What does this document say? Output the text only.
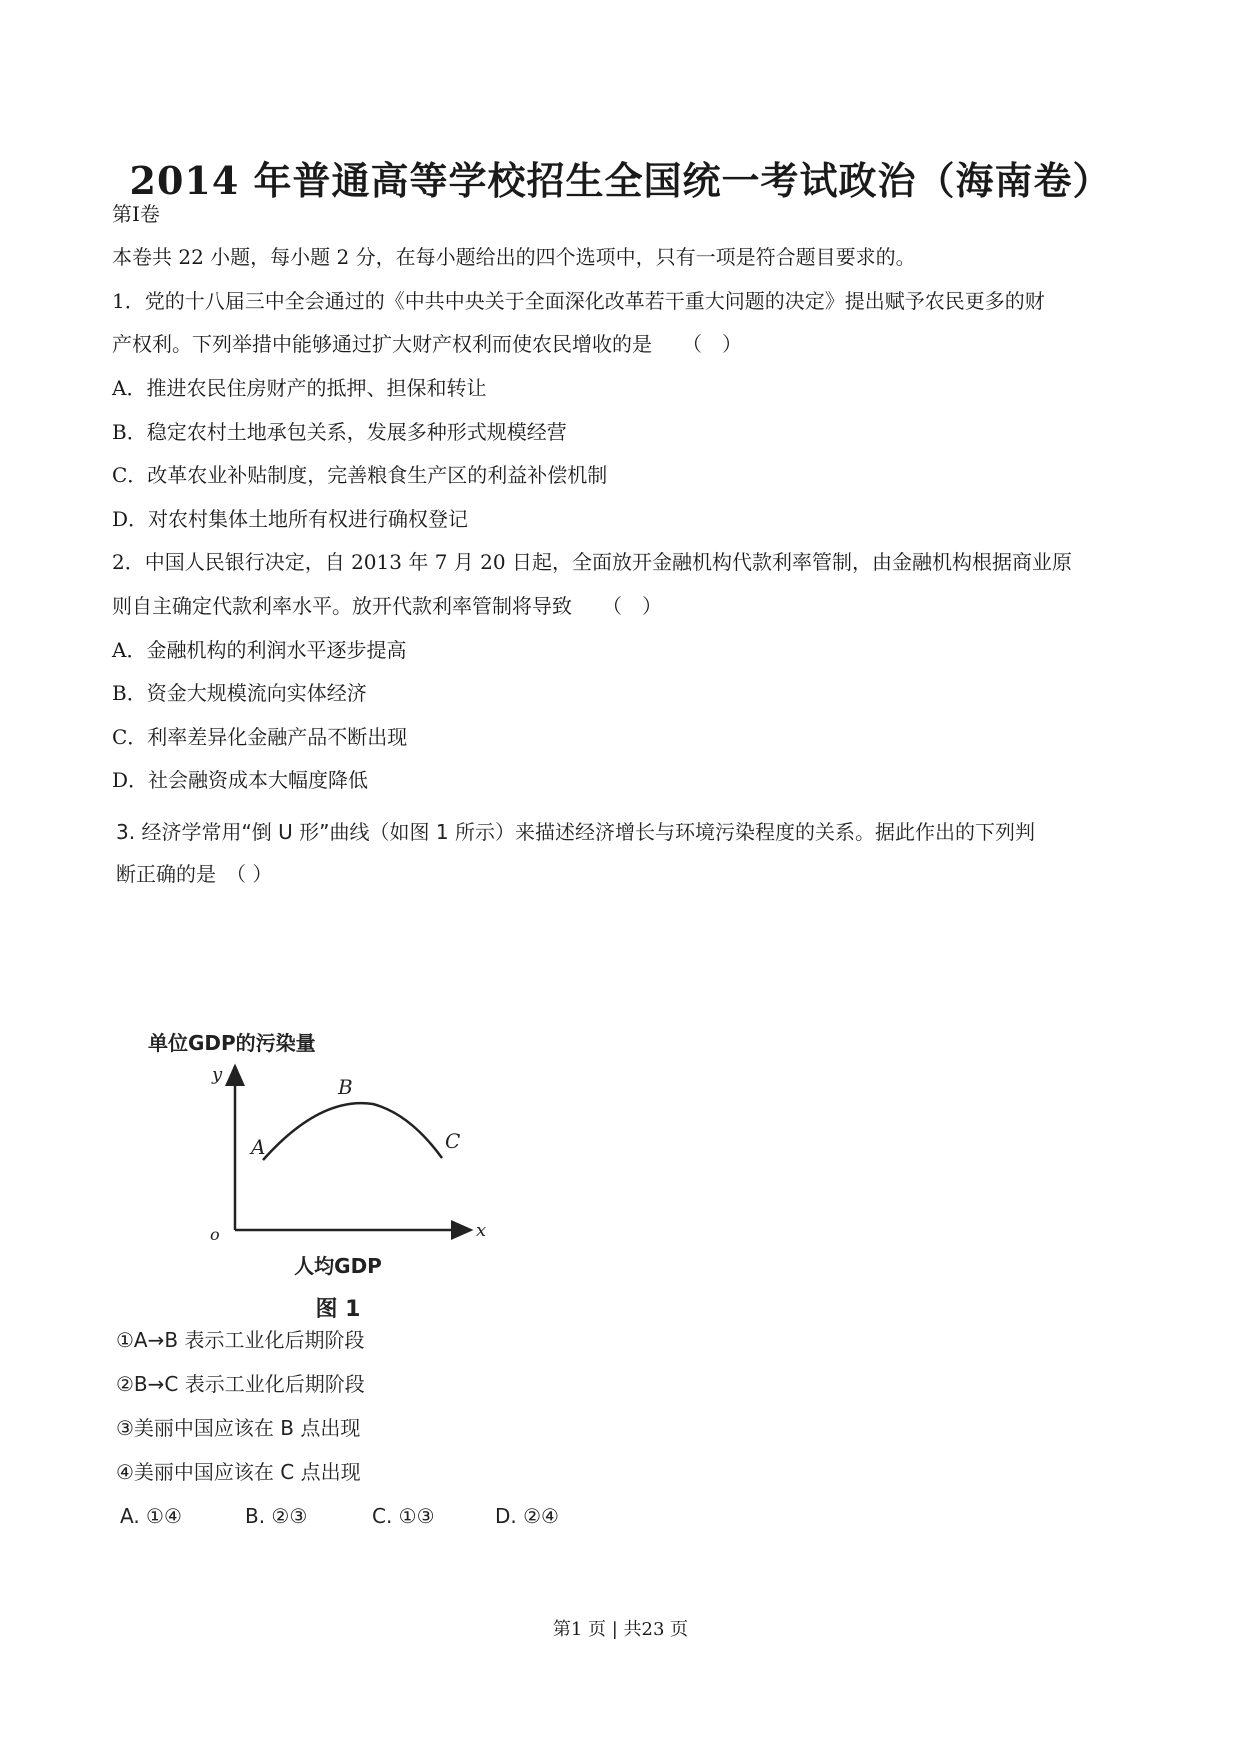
2014 年普通高等学校招生全国统一考试政治（海南卷）
第Ⅰ卷
本卷共 22 小题，每小题 2 分，在每小题给出的四个选项中，只有一项是符合题目要求的。
1．党的十八届三中全会通过的《中共中央关于全面深化改革若干重大问题的决定》提出赋予农民更多的财
产权利。下列举措中能够通过扩大财产权利而使农民增收的是　　（　）
A．推进农民住房财产的抵押、担保和转让
B．稳定农村土地承包关系，发展多种形式规模经营
C．改革农业补贴制度，完善粮食生产区的利益补偿机制
D．对农村集体土地所有权进行确权登记
2．中国人民银行决定，自 2013 年 7 月 20 日起，全面放开金融机构代款利率管制，由金融机构根据商业原
则自主确定代款利率水平。放开代款利率管制将导致　　（　）
A．金融机构的利润水平逐步提高
B．资金大规模流向实体经济
C．利率差异化金融产品不断出现
D．社会融资成本大幅度降低
3. 经济学常用“倒 U 形”曲线（如图 1 所示）来描述经济增长与环境污染程度的关系。据此作出的下列判
断正确的是　（ ）
单位GDP的污染量
y
x
o
A
B
C
人均GDP
图 1
①A→B 表示工业化后期阶段
②B→C 表示工业化后期阶段
③美丽中国应该在 B 点出现
④美丽中国应该在 C 点出现
A. ①④	B. ②③	C. ①③	D. ②④
第1 页 | 共23 页
